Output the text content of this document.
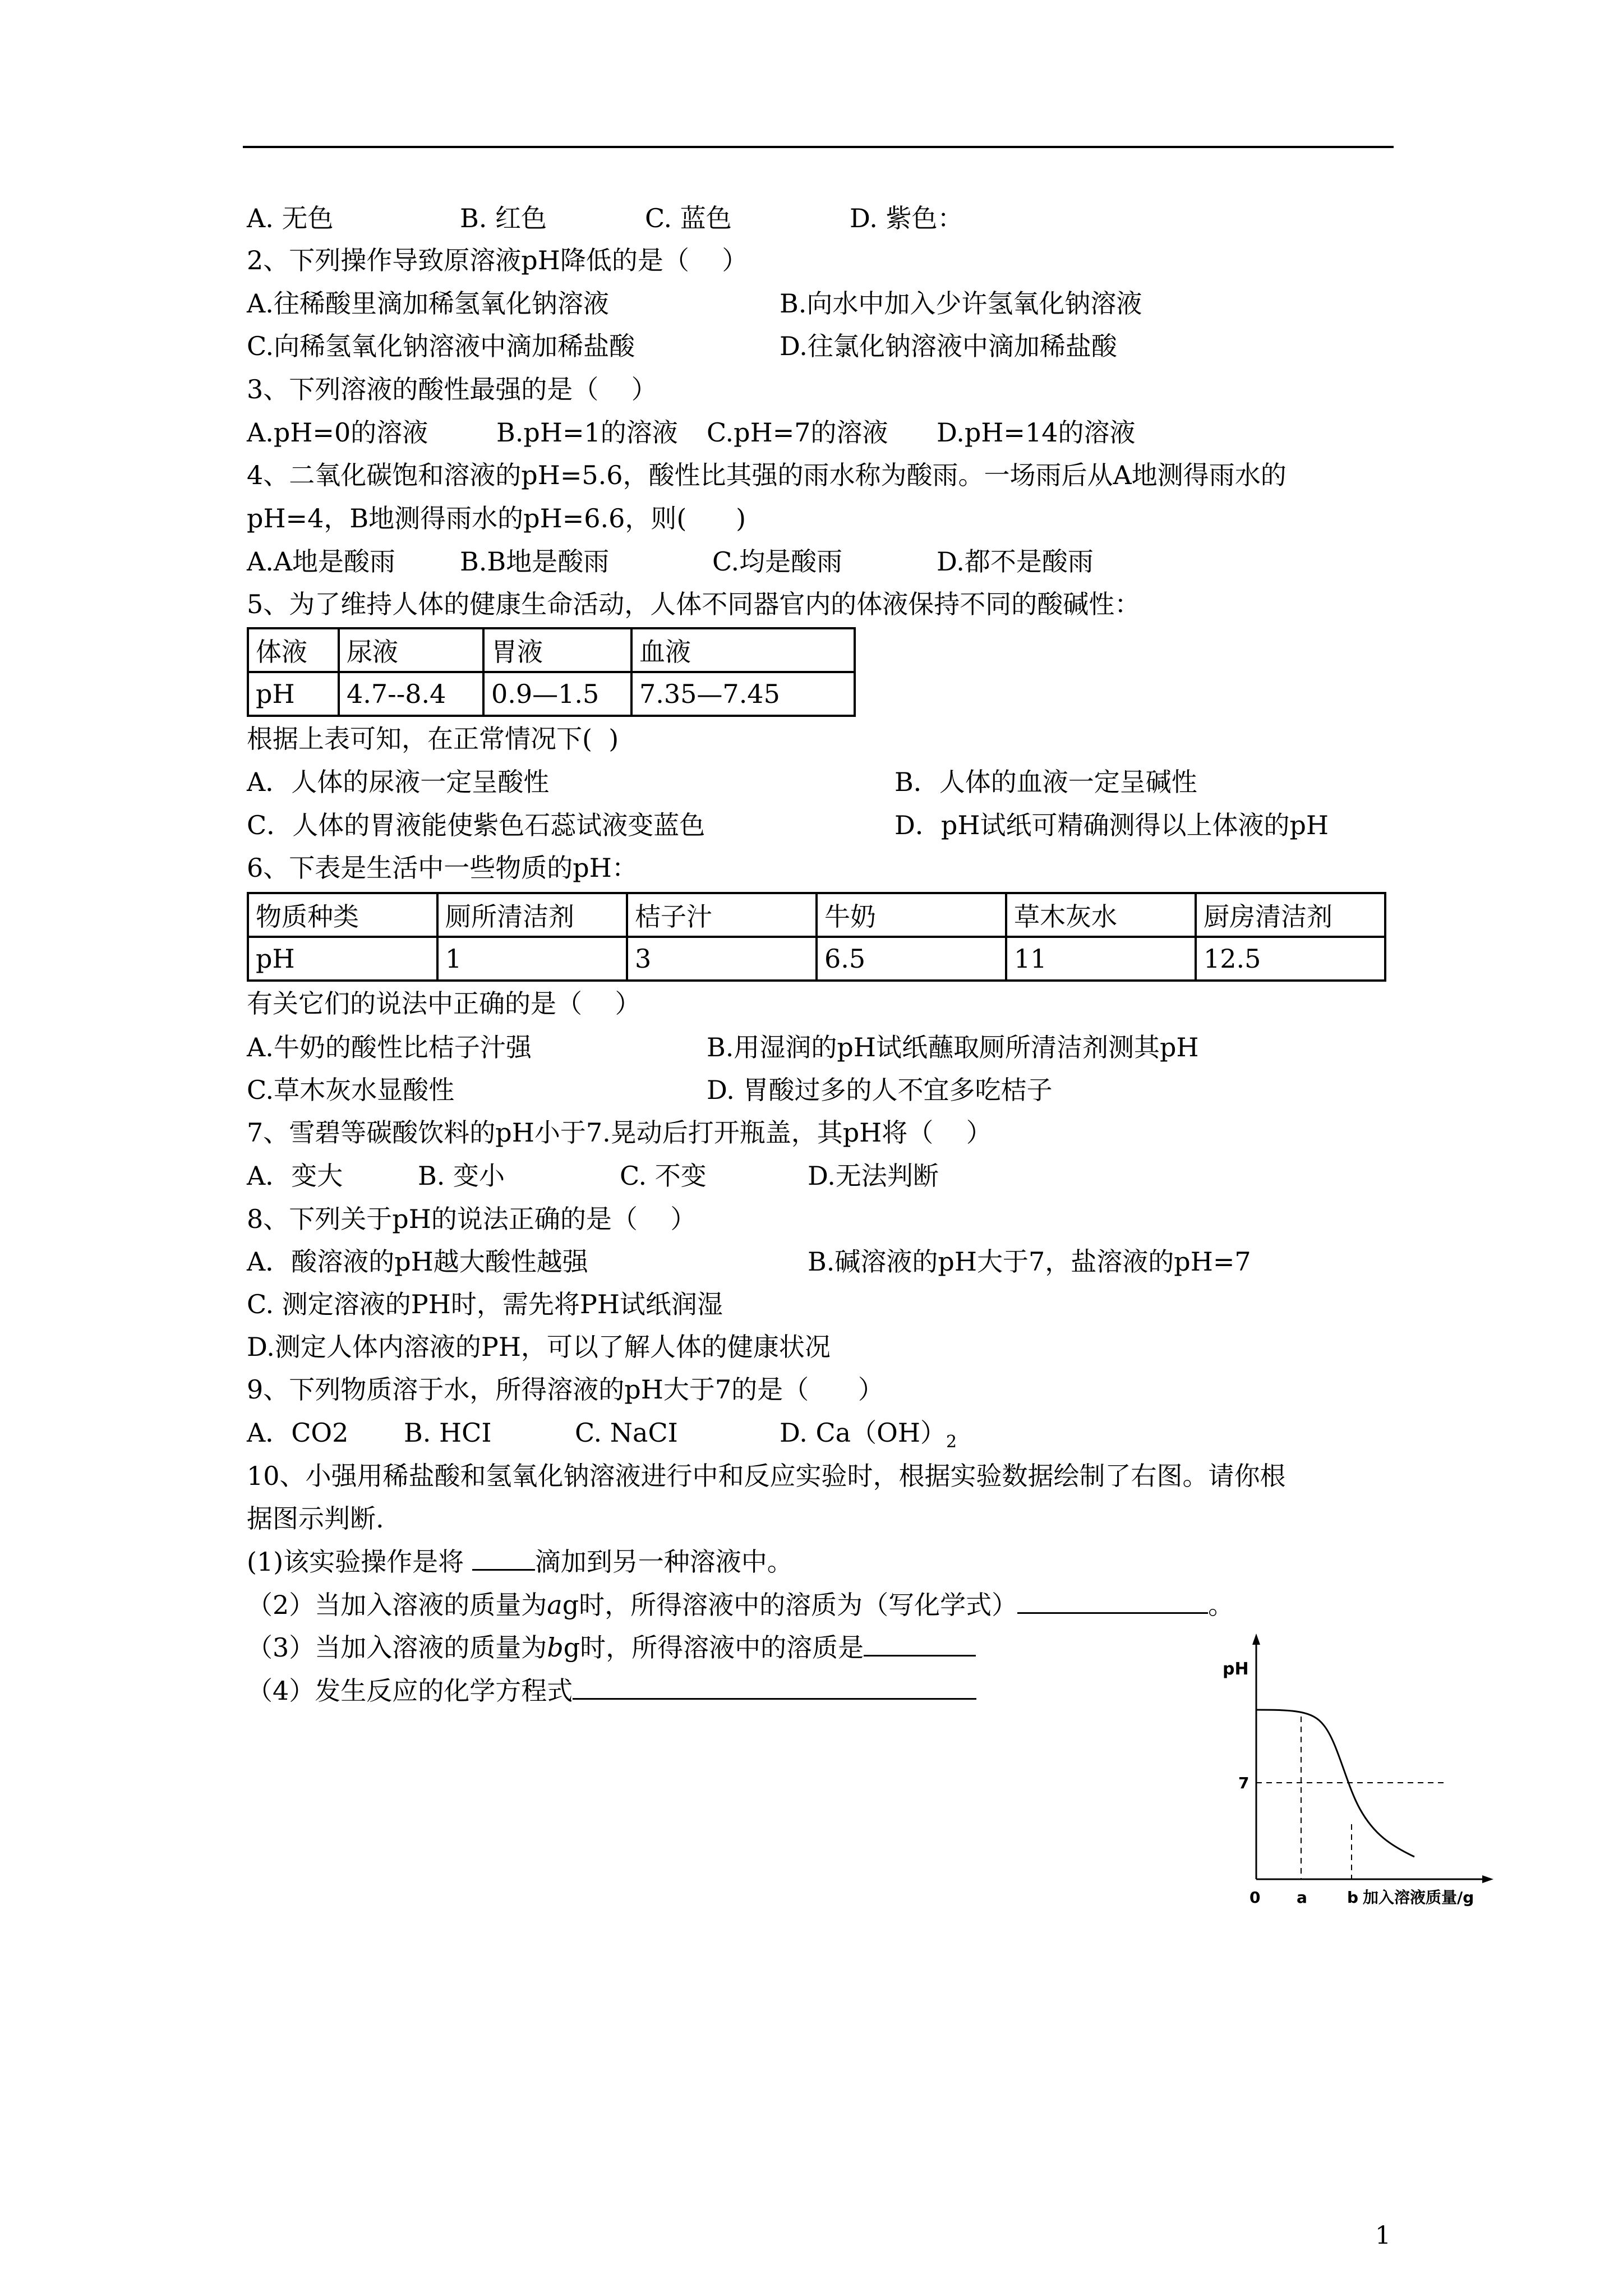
A. 无色	B. 红色	C. 蓝色	D. 紫色：
2、下列操作导致原溶液pH降低的是（    ）
A.往稀酸里滴加稀氢氧化钠溶液	B.向水中加入少许氢氧化钠溶液
C.向稀氢氧化钠溶液中滴加稀盐酸	D.往氯化钠溶液中滴加稀盐酸
3、下列溶液的酸性最强的是（    ）
A.pH=0的溶液	B.pH=1的溶液 C.pH=7的溶液 D.pH=14的溶液
4、二氧化碳饱和溶液的pH=5.6，酸性比其强的雨水称为酸雨。一场雨后从A地测得雨水的
pH=4，B地测得雨水的pH=6.6，则(      )
A.A地是酸雨 B.B地是酸雨	C.均是酸雨	D.都不是酸雨
5、为了维持人体的健康生命活动，人体不同器官内的体液保持不同的酸碱性：
体液	尿液	胃液	血液
pH	4.7--8.4	0.9—1.5	7.35—7.45
根据上表可知，在正常情况下(  )
A．人体的尿液一定呈酸性	B．人体的血液一定呈碱性
C．人体的胃液能使紫色石蕊试液变蓝色	D．pH试纸可精确测得以上体液的pH
6、下表是生活中一些物质的pH：
物质种类	厕所清洁剂	桔子汁	牛奶	草木灰水	厨房清洁剂
pH	1	3	6.5	11	12.5
有关它们的说法中正确的是（    ）
A.牛奶的酸性比桔子汁强	B.用湿润的pH试纸蘸取厕所清洁剂测其pH
C.草木灰水显酸性	D. 胃酸过多的人不宜多吃桔子
7、雪碧等碳酸饮料的pH小于7.晃动后打开瓶盖，其pH将（    ）
A．变大	B. 变小	C. 不变	D.无法判断
8、下列关于pH的说法正确的是（    ）
A．酸溶液的pH越大酸性越强	B.碱溶液的pH大于7，盐溶液的pH=7
C. 测定溶液的PH时，需先将PH试纸润湿
D.测定人体内溶液的PH，可以了解人体的健康状况
9、下列物质溶于水，所得溶液的pH大于7的是（      ）
A．CO2 B. HCI	C. NaCI	D. $Ca(OH)_2$
10、小强用稀盐酸和氢氧化钠溶液进行中和反应实验时，根据实验数据绘制了右图。请你根
据图示判断.
(1)该实验操作是将 滴加到另一种溶液中。
（2）当加入溶液的质量为ag时，所得溶液中的溶质为（写化学式）	。
（3）当加入溶液的质量为bg时，所得溶液中的溶质是
（4）发生反应的化学方程式
pH
7
0 a	b 加入溶液质量/g
1
